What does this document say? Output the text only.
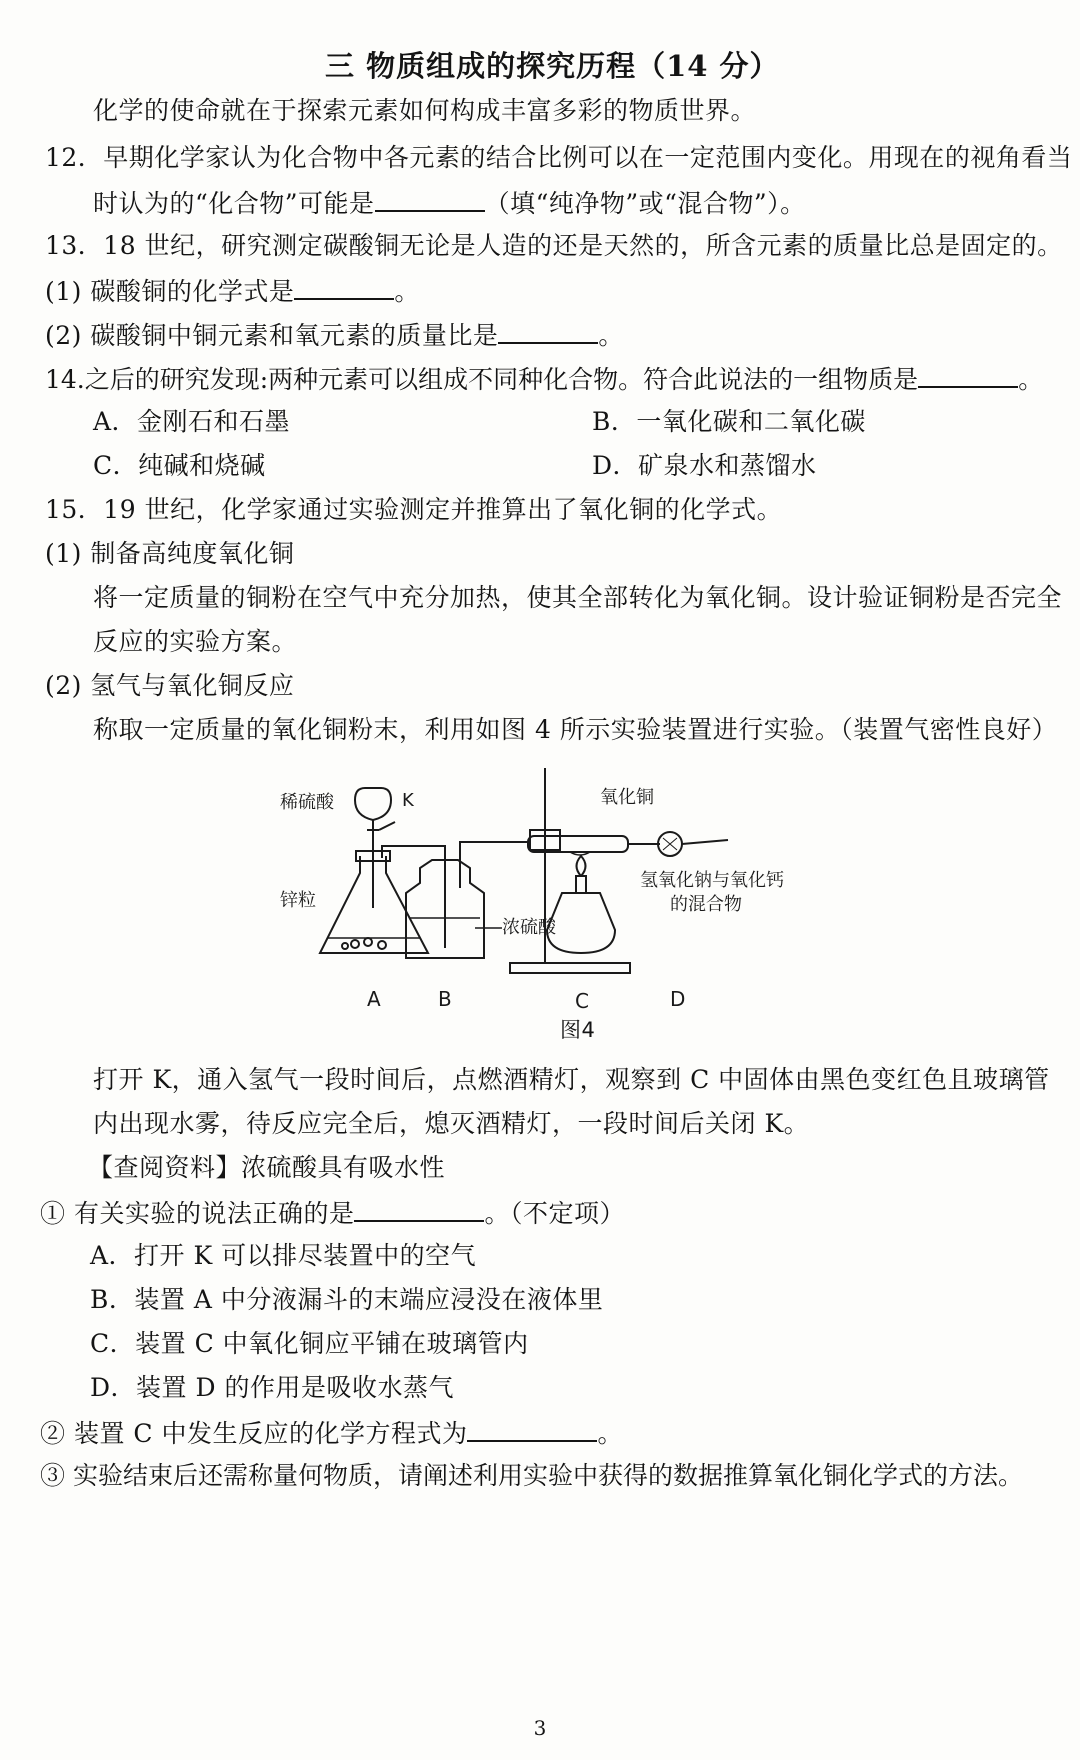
三 物质组成的探究历程（14 分）
化学的使命就在于探索元素如何构成丰富多彩的物质世界。
12．早期化学家认为化合物中各元素的结合比例可以在一定范围内变化。用现在的视角看当
时认为的“化合物”可能是	（填“纯净物”或“混合物”）。
13．18 世纪，研究测定碳酸铜无论是人造的还是天然的，所含元素的质量比总是固定的。
(1) 碳酸铜的化学式是	。
(2) 碳酸铜中铜元素和氧元素的质量比是	。
14.之后的研究发现:两种元素可以组成不同种化合物。符合此说法的一组物质是	。
A．金刚石和石墨	B．一氧化碳和二氧化碳
C．纯碱和烧碱	D．矿泉水和蒸馏水
15．19 世纪，化学家通过实验测定并推算出了氧化铜的化学式。
(1) 制备高纯度氧化铜
将一定质量的铜粉在空气中充分加热，使其全部转化为氧化铜。设计验证铜粉是否完全
反应的实验方案。
(2) 氢气与氧化铜反应
称取一定质量的氧化铜粉末，利用如图 4 所示实验装置进行实验。（装置气密性良好）
稀硫酸	K
锌粒
浓硫酸
氧化铜
氢氧化钠与氧化钙
的混合物
A	B	C	D
图4
打开 K，通入氢气一段时间后，点燃酒精灯，观察到 C 中固体由黑色变红色且玻璃管
内出现水雾，待反应完全后，熄灭酒精灯，一段时间后关闭 K。
【查阅资料】浓硫酸具有吸水性
① 有关实验的说法正确的是	。（不定项）
A．打开 K 可以排尽装置中的空气
B．装置 A 中分液漏斗的末端应浸没在液体里
C．装置 C 中氧化铜应平铺在玻璃管内
D．装置 D 的作用是吸收水蒸气
② 装置 C 中发生反应的化学方程式为	。
③ 实验结束后还需称量何物质，请阐述利用实验中获得的数据推算氧化铜化学式的方法。
3
